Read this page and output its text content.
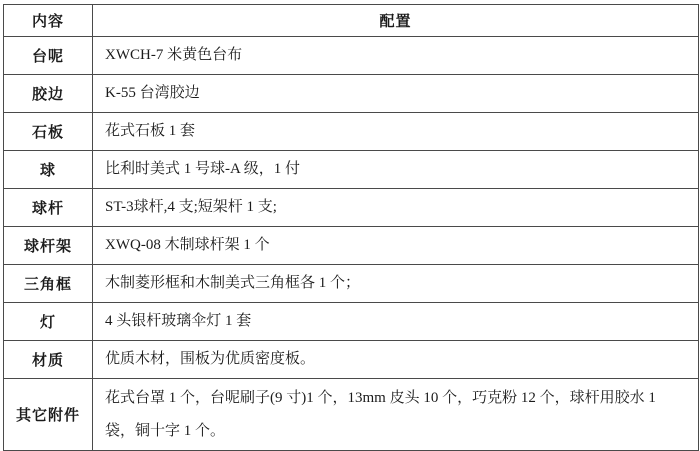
内容	配置
台呢	XWCH-7 米黄色台布
胶边	K-55 台湾胶边
石板	花式石板 1 套
球	比利时美式 1 号球-A 级，1 付
球杆	ST-3球杆,4 支;短架杆 1 支;
球杆架	XWQ-08 木制球杆架 1 个
三角框	木制菱形框和木制美式三角框各 1 个；
灯	4 头银杆玻璃伞灯 1 套
材质	优质木材，围板为优质密度板。
其它附件	花式台罩 1 个，台呢刷子(9 寸)1 个，13mm 皮头 10 个，巧克粉 12 个，球杆用胶水 1 袋，铜十字 1 个。
